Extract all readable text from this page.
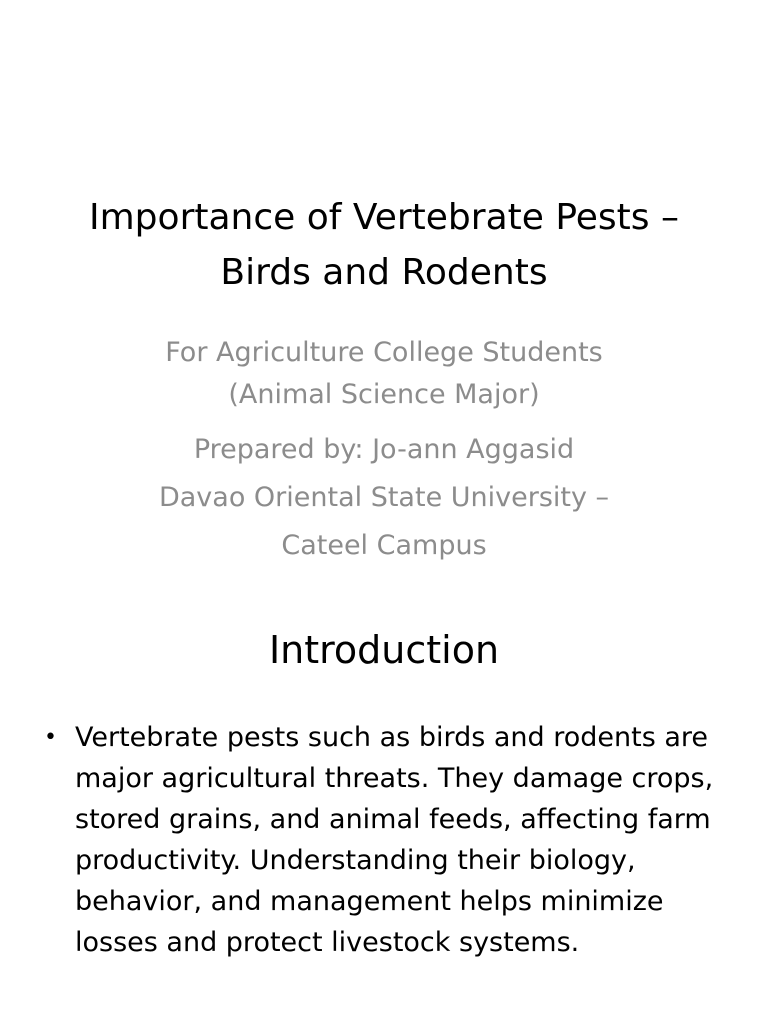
Importance of Vertebrate Pests –
Birds and Rodents
For Agriculture College Students
(Animal Science Major)
Prepared by: Jo-ann Aggasid
Davao Oriental State University –
Cateel Campus
Introduction
• Vertebrate pests such as birds and rodents are major agricultural threats. They damage crops, stored grains, and animal feeds, affecting farm productivity. Understanding their biology, behavior, and management helps minimize losses and protect livestock systems.
